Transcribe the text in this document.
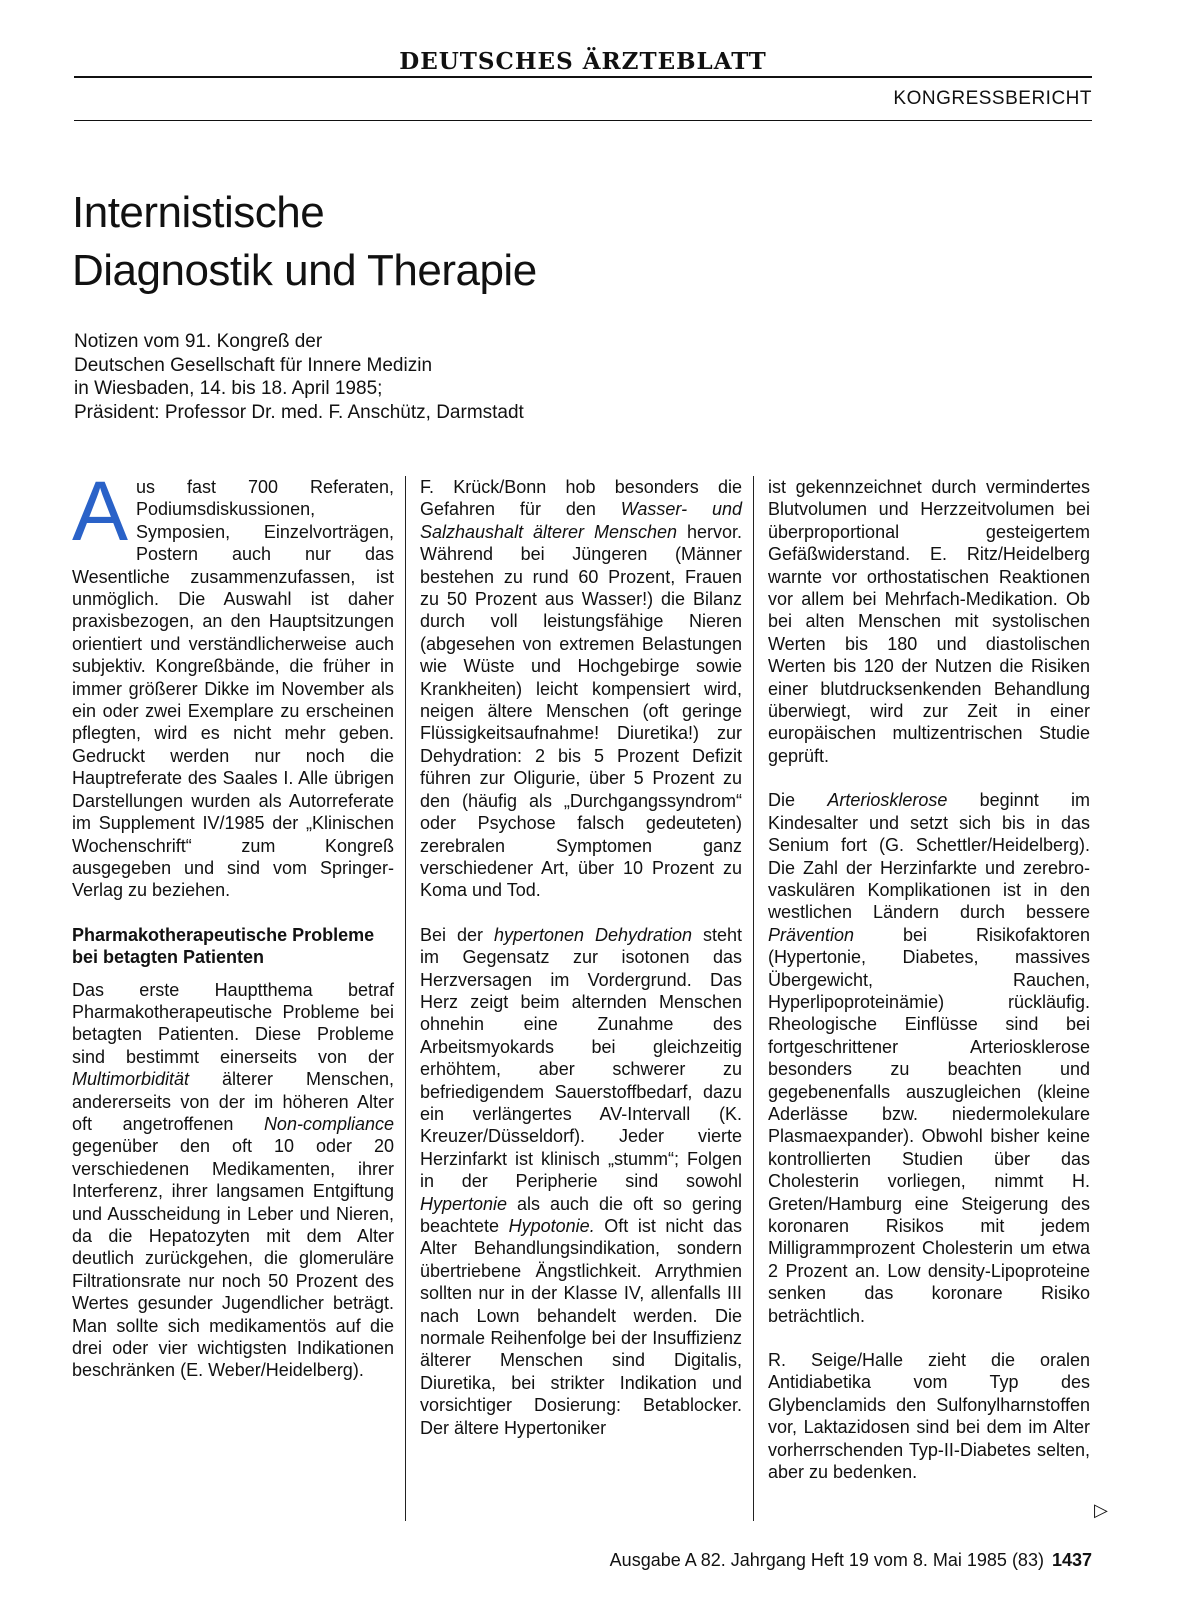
DEUTSCHES ÄRZTEBLATT
KONGRESSBERICHT
Internistische
Diagnostik und Therapie
Notizen vom 91. Kongreß der
Deutschen Gesellschaft für Innere Medizin
in Wiesbaden, 14. bis 18. April 1985;
Präsident: Professor Dr. med. F. Anschütz, Darmstadt

Aus fast 700 Referaten, Podiumsdiskussionen, Symposien, Einzelvorträgen, Postern auch nur das Wesentliche zusammenzufassen, ist unmöglich. Die Auswahl ist daher praxisbezogen, an den Hauptsitzungen orientiert und verständlicherweise auch subjektiv. Kongreßbände, die früher in immer größerer Dikke im November als ein oder zwei Exemplare zu erscheinen pflegten, wird es nicht mehr geben. Gedruckt werden nur noch die Hauptreferate des Saales I. Alle übrigen Darstellungen wurden als Autorreferate im Supplement IV/1985 der „Klinischen Wochenschrift“ zum Kongreß ausgegeben und sind vom Springer-Verlag zu beziehen.

Pharmakotherapeutische Probleme bei betagten Patienten

Das erste Hauptthema betraf Pharmakotherapeutische Probleme bei betagten Patienten. Diese Probleme sind bestimmt einerseits von der Multimorbidität älterer Menschen, andererseits von der im höheren Alter oft angetroffenen Non-compliance gegenüber den oft 10 oder 20 verschiedenen Medikamenten, ihrer Interferenz, ihrer langsamen Entgiftung und Ausscheidung in Leber und Nieren, da die Hepatozyten mit dem Alter deutlich zurückgehen, die glomeruläre Filtrationsrate nur noch 50 Prozent des Wertes gesunder Jugendlicher beträgt. Man sollte sich medikamentös auf die drei oder vier wichtigsten Indikationen beschränken (E. Weber/Heidelberg).

F. Krück/Bonn hob besonders die Gefahren für den Wasser- und Salzhaushalt älterer Menschen hervor. Während bei Jüngeren (Männer bestehen zu rund 60 Prozent, Frauen zu 50 Prozent aus Wasser!) die Bilanz durch voll leistungsfähige Nieren (abgesehen von extremen Belastungen wie Wüste und Hochgebirge sowie Krankheiten) leicht kompensiert wird, neigen ältere Menschen (oft geringe Flüssigkeitsaufnahme! Diuretika!) zur Dehydration: 2 bis 5 Prozent Defizit führen zur Oligurie, über 5 Prozent zu den (häufig als „Durchgangssyndrom“ oder Psychose falsch gedeuteten) zerebralen Symptomen ganz verschiedener Art, über 10 Prozent zu Koma und Tod.

Bei der hypertonen Dehydration steht im Gegensatz zur isotonen das Herzversagen im Vordergrund. Das Herz zeigt beim alternden Menschen ohnehin eine Zunahme des Arbeitsmyokards bei gleichzeitig erhöhtem, aber schwerer zu befriedigendem Sauerstoffbedarf, dazu ein verlängertes AV-Intervall (K. Kreuzer/Düsseldorf). Jeder vierte Herzinfarkt ist klinisch „stumm“; Folgen in der Peripherie sind sowohl Hypertonie als auch die oft so gering beachtete Hypotonie. Oft ist nicht das Alter Behandlungsindikation, sondern übertriebene Ängstlichkeit. Arrythmien sollten nur in der Klasse IV, allenfalls III nach Lown behandelt werden. Die normale Reihenfolge bei der Insuffizienz älterer Menschen sind Digitalis, Diuretika, bei strikter Indikation und vorsichtiger Dosierung: Betablocker. Der ältere Hypertoniker

ist gekennzeichnet durch vermindertes Blutvolumen und Herzzeitvolumen bei überproportional gesteigertem Gefäßwiderstand. E. Ritz/Heidelberg warnte vor orthostatischen Reaktionen vor allem bei Mehrfach-Medikation. Ob bei alten Menschen mit systolischen Werten bis 180 und diastolischen Werten bis 120 der Nutzen die Risiken einer blutdrucksenkenden Behandlung überwiegt, wird zur Zeit in einer europäischen multizentrischen Studie geprüft.

Die Arteriosklerose beginnt im Kindesalter und setzt sich bis in das Senium fort (G. Schettler/Heidelberg). Die Zahl der Herzinfarkte und zerebro-vaskulären Komplikationen ist in den westlichen Ländern durch bessere Prävention bei Risikofaktoren (Hypertonie, Diabetes, massives Übergewicht, Rauchen, Hyperlipoproteinämie) rückläufig. Rheologische Einflüsse sind bei fortgeschrittener Arteriosklerose besonders zu beachten und gegebenenfalls auszugleichen (kleine Aderlässe bzw. niedermolekulare Plasmaexpander). Obwohl bisher keine kontrollierten Studien über das Cholesterin vorliegen, nimmt H. Greten/Hamburg eine Steigerung des koronaren Risikos mit jedem Milligrammprozent Cholesterin um etwa 2 Prozent an. Low density-Lipoproteine senken das koronare Risiko beträchtlich.

R. Seige/Halle zieht die oralen Antidiabetika vom Typ des Glybenclamids den Sulfonylharnstoffen vor, Laktazidosen sind bei dem im Alter vorherrschenden Typ-II-Diabetes selten, aber zu bedenken.

▷
Ausgabe A 82. Jahrgang Heft 19 vom 8. Mai 1985 (83) 1437
